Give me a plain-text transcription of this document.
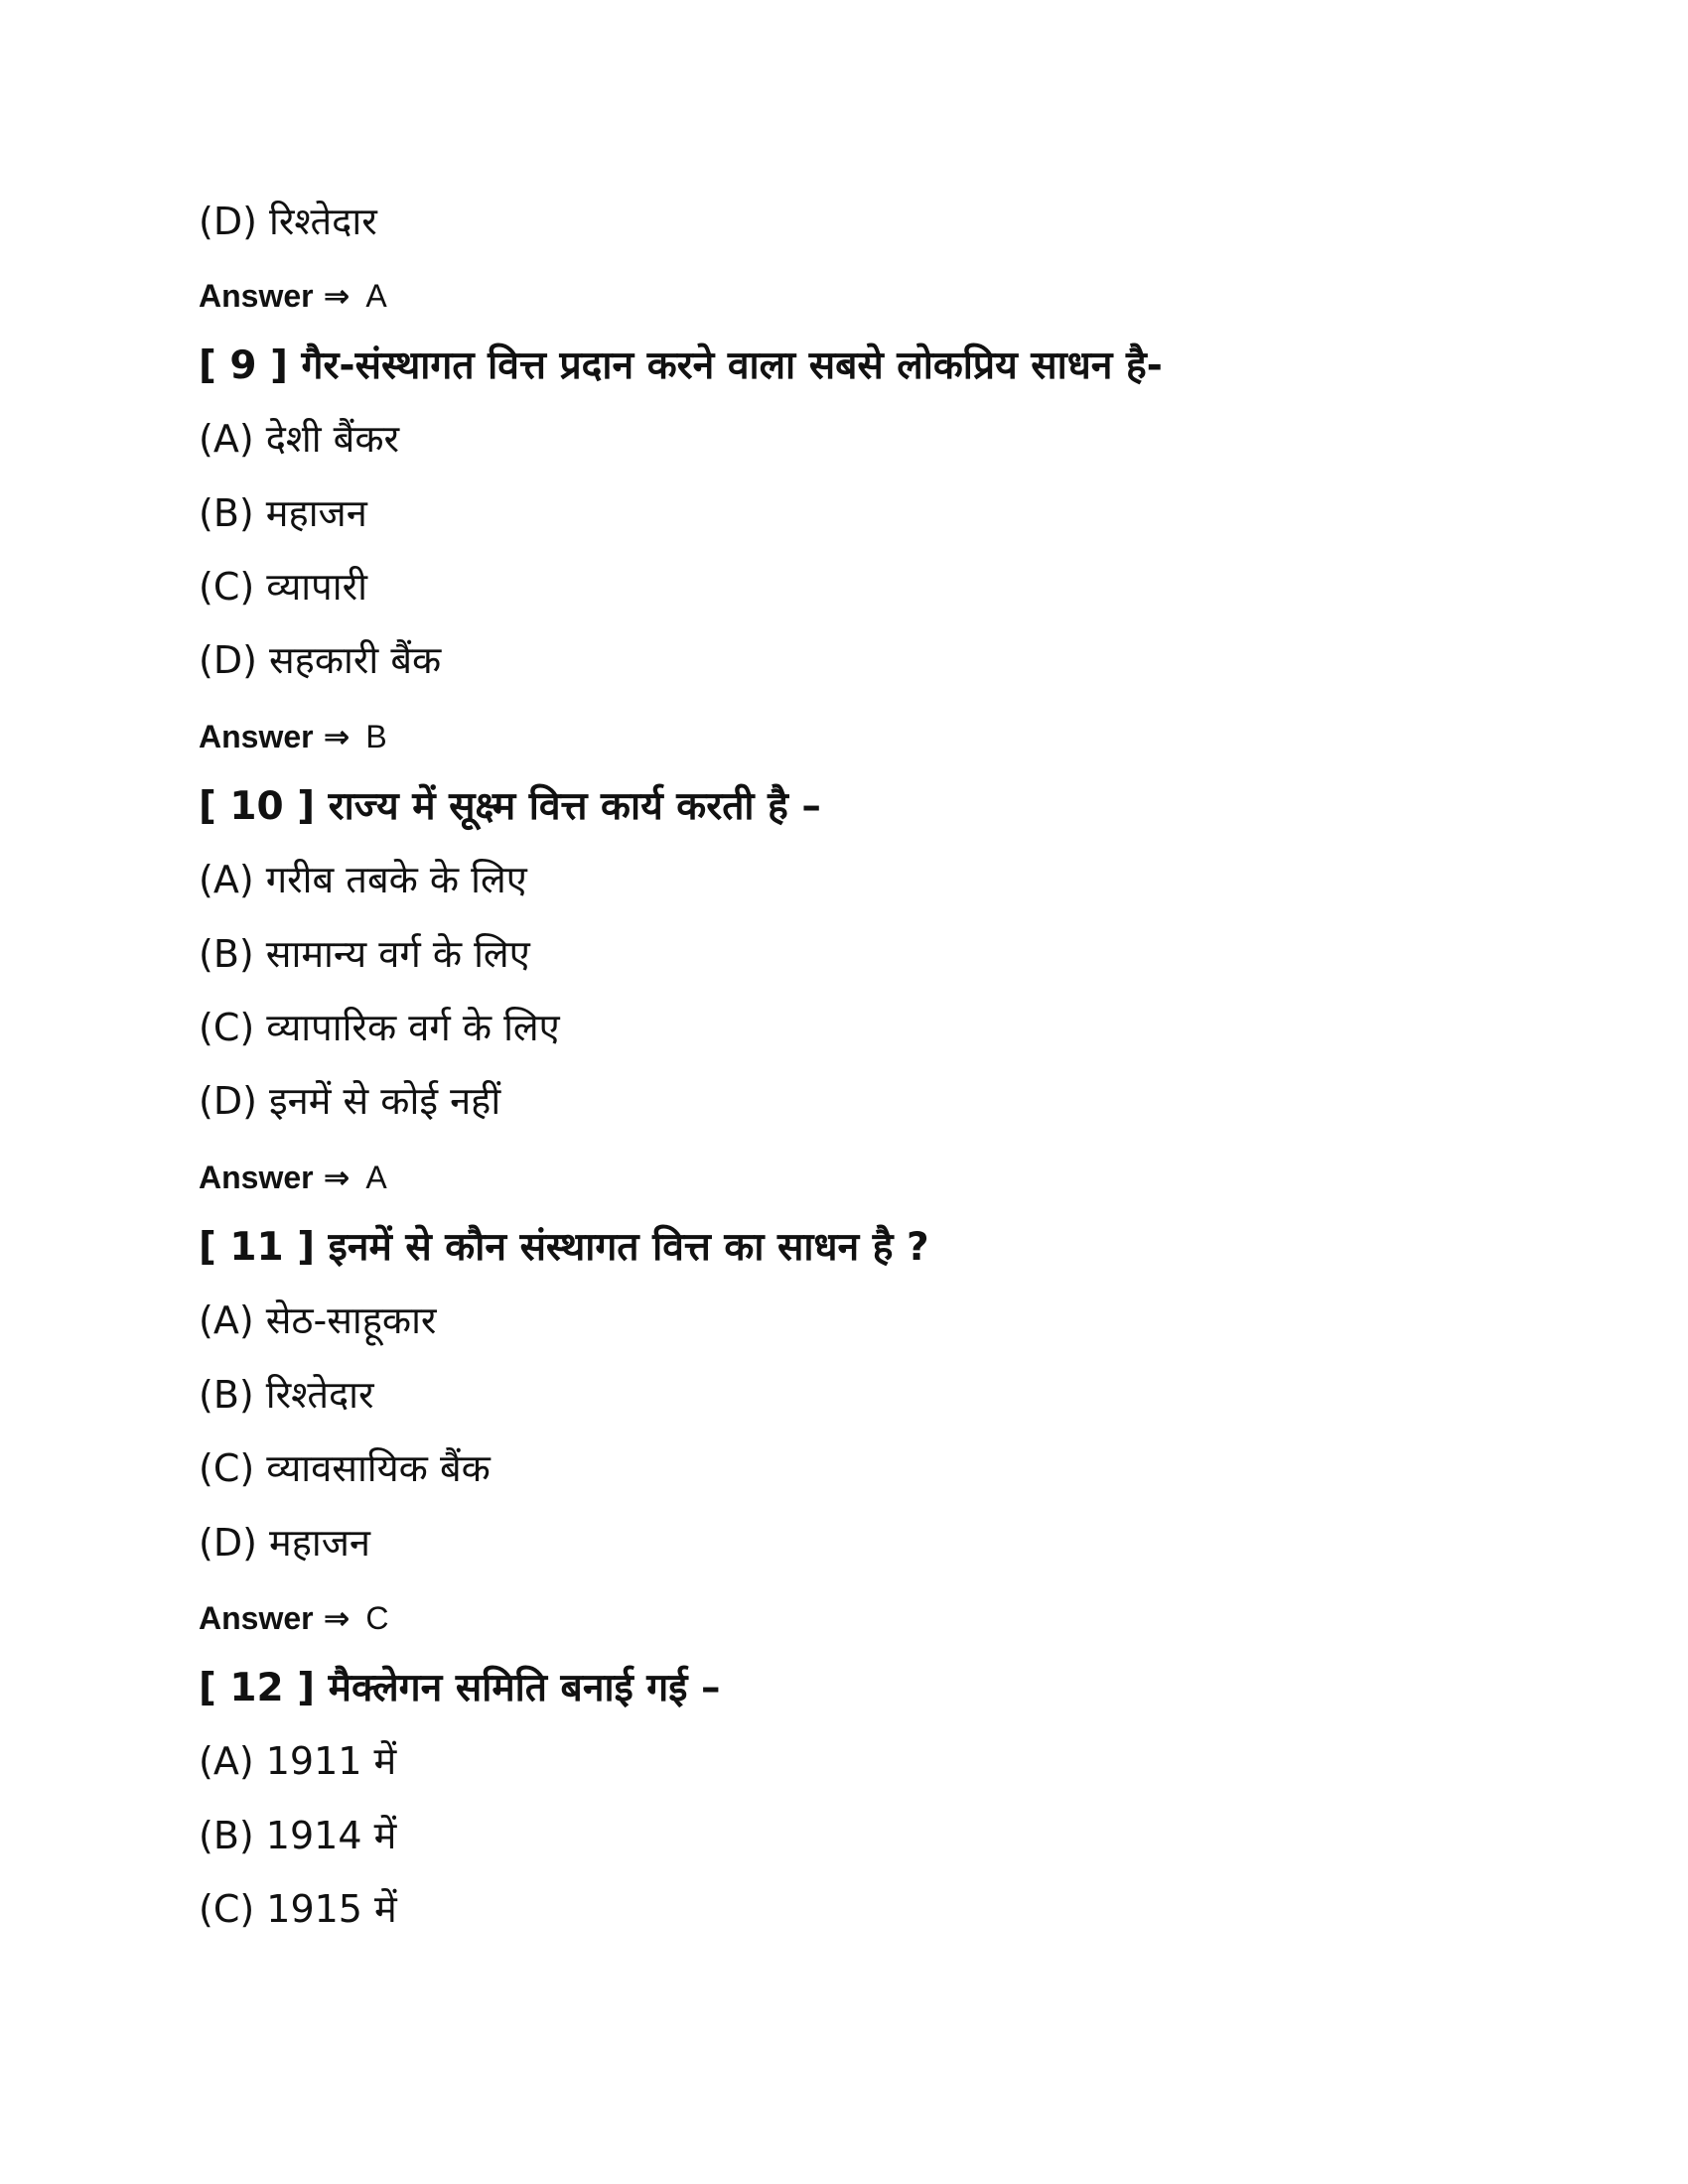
(D) रिश्तेदार
Answer ⇒ A
[ 9 ] गैर-संस्थागत वित्त प्रदान करने वाला सबसे लोकप्रिय साधन है-
(A) देशी बैंकर
(B) महाजन
(C) व्यापारी
(D) सहकारी बैंक
Answer ⇒ B
[ 10 ] राज्य में सूक्ष्म वित्त कार्य करती है –
(A) गरीब तबके के लिए
(B) सामान्य वर्ग के लिए
(C) व्यापारिक वर्ग के लिए
(D) इनमें से कोई नहीं
Answer ⇒ A
[ 11 ] इनमें से कौन संस्थागत वित्त का साधन है ?
(A) सेठ-साहूकार
(B) रिश्तेदार
(C) व्यावसायिक बैंक
(D) महाजन
Answer ⇒ C
[ 12 ] मैक्लेगन समिति बनाई गई –
(A) 1911 में
(B) 1914 में
(C) 1915 में
